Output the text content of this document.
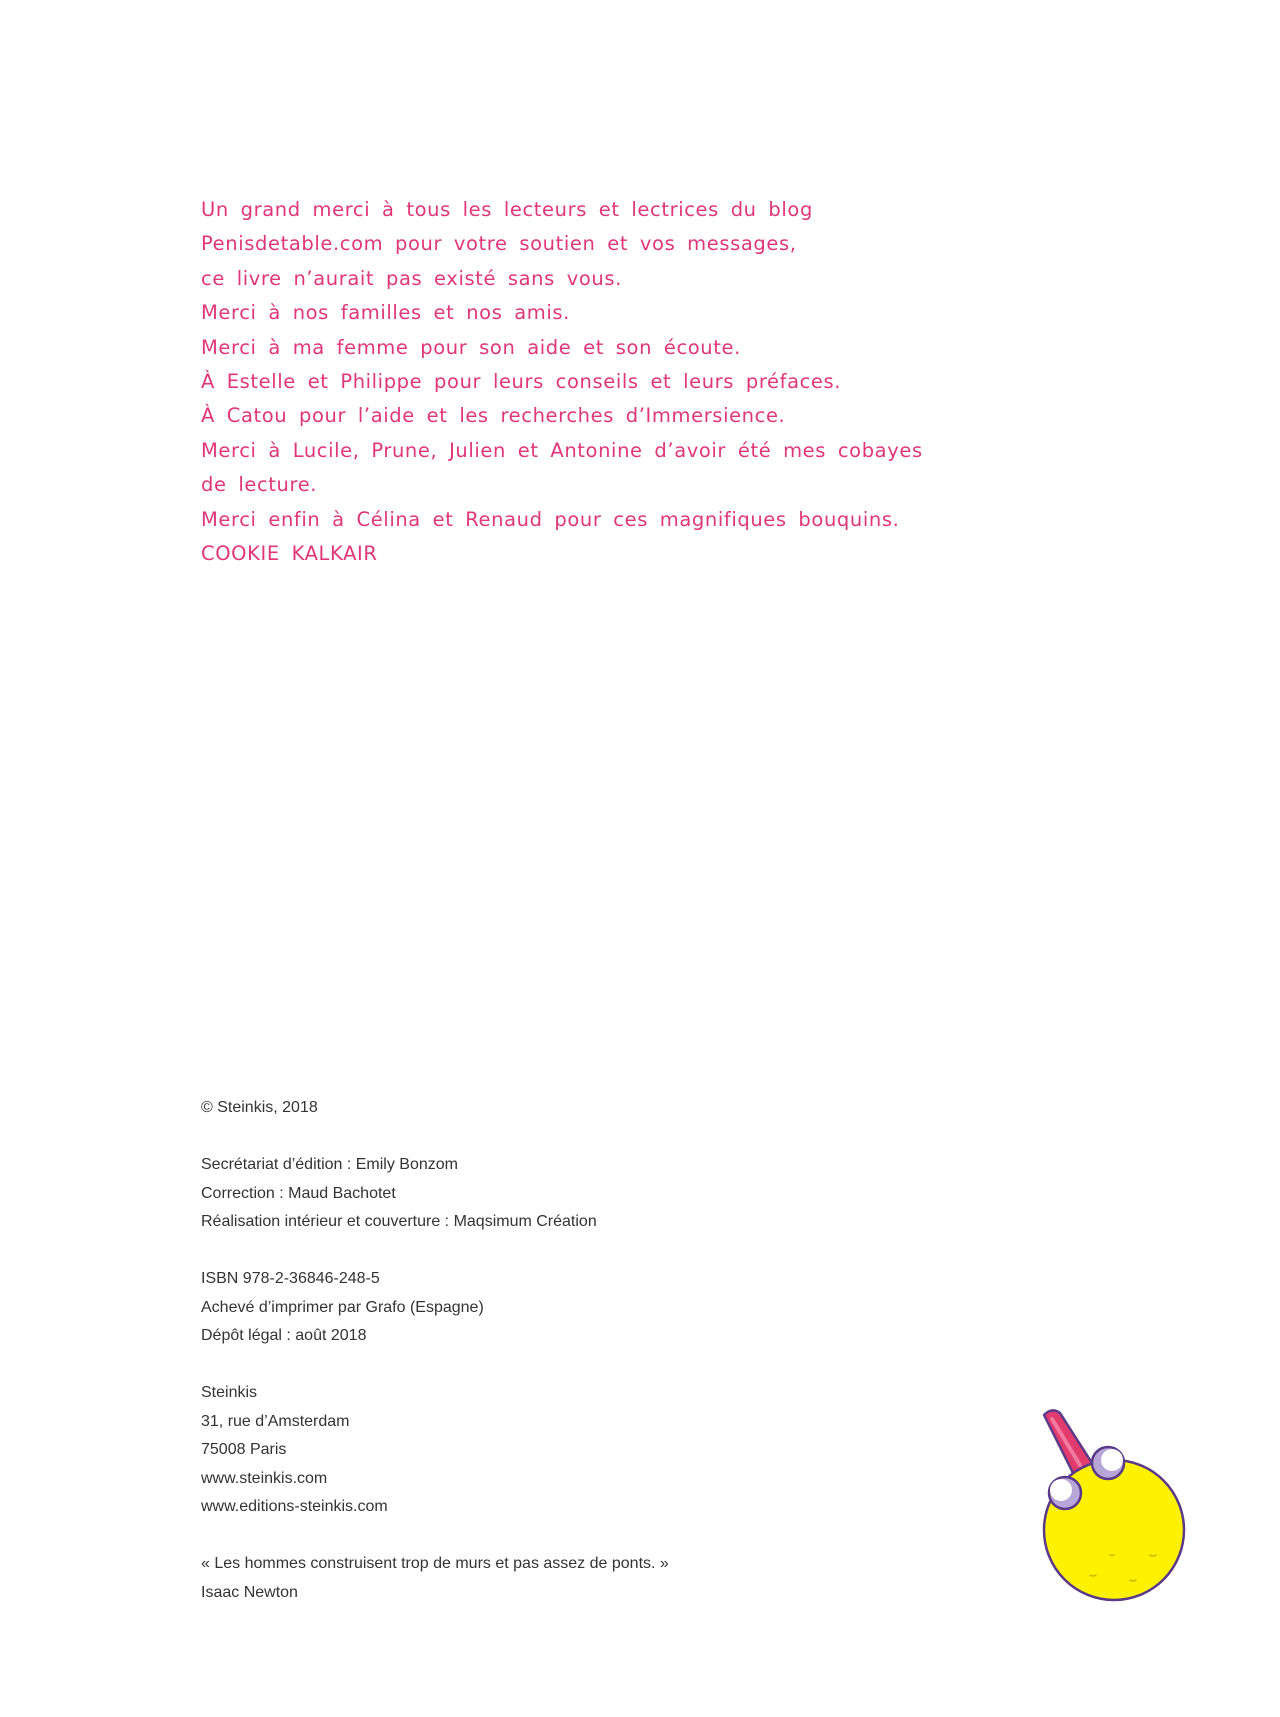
Un grand merci à tous les lecteurs et lectrices du blog
Penisdetable.com pour votre soutien et vos messages,
ce livre n’aurait pas existé sans vous.
Merci à nos familles et nos amis.
Merci à ma femme pour son aide et son écoute.
À Estelle et Philippe pour leurs conseils et leurs préfaces.
À Catou pour l’aide et les recherches d’Immersience.
Merci à Lucile, Prune, Julien et Antonine d’avoir été mes cobayes
de lecture.
Merci enfin à Célina et Renaud pour ces magnifiques bouquins.
COOKIE KALKAIR
© Steinkis, 2018
Secrétariat d’édition : Emily Bonzom
Correction : Maud Bachotet
Réalisation intérieur et couverture : Maqsimum Création
ISBN 978-2-36846-248-5
Achevé d’imprimer par Grafo (Espagne)
Dépôt légal : août 2018
Steinkis
31, rue d’Amsterdam
75008 Paris
www.steinkis.com
www.editions-steinkis.com
« Les hommes construisent trop de murs et pas assez de ponts. »
Isaac Newton
